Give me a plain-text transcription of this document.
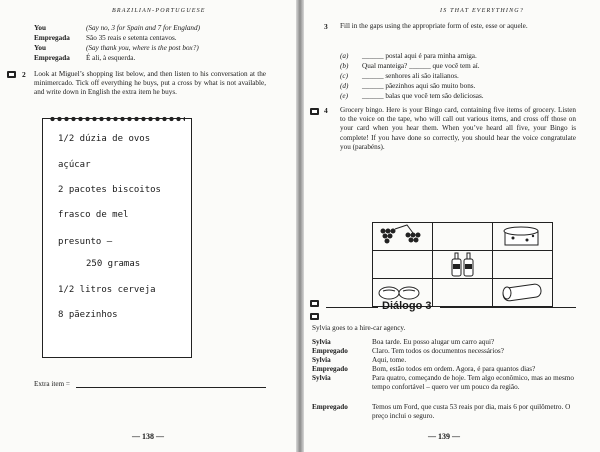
BRAZILIAN-PORTUGUESE
You	(Say no, 3 for Spain and 7 for England)
Empregada São 35 reais e setenta centavos.
You	(Say thank you, where is the post box?)
Empregada É ali, à esquerda.
2 Look at Miguel’s shopping list below, and then listen to his conversation at the minimercado. Tick off everything he buys, put a cross by what is not available, and write down in English the extra item he buys.
1/2 dúzia de ovos
açúcar
2 pacotes biscoitos
frasco de mel
presunto –
250 gramas
1/2 litros cerveja
8 pãezinhos
Extra item =
— 138 —
IS THAT EVERYTHING?
3 Fill in the gaps using the appropriate form of este, esse or aquele.
(a) ______ postal aqui é para minha amiga.
(b) Qual manteiga? ______ que você tem aí.
(c) ______ senhores ali são italianos.
(d) ______ pãezinhos aqui são muito bons.
(e) ______ balas que você tem são deliciosas.
4 Grocery bingo. Here is your Bingo card, containing five items of grocery. Listen to the voice on the tape, who will call out various items, and cross off those on your card when you hear them. When you’ve heard all five, your Bingo is complete! If you have done so correctly, you should hear the voice congratulate you (parabéns).
Diálogo 3
Sylvia goes to a hire-car agency.
Sylvia	Boa tarde. Eu posso alugar um carro aqui?
Empregado	Claro. Tem todos os documentos necessários?
Sylvia	Aqui, tome.
Empregado	Bom, estão todos em ordem. Agora, é para quantos dias?
Sylvia	Para quatro, começando de hoje. Tem algo econômico, mas ao mesmo tempo confortável – quero ver um pouco da região.
Empregado	Temos um Ford, que custa 53 reais por dia, mais 6 por quilômetro. O preço inclui o seguro.
— 139 —
